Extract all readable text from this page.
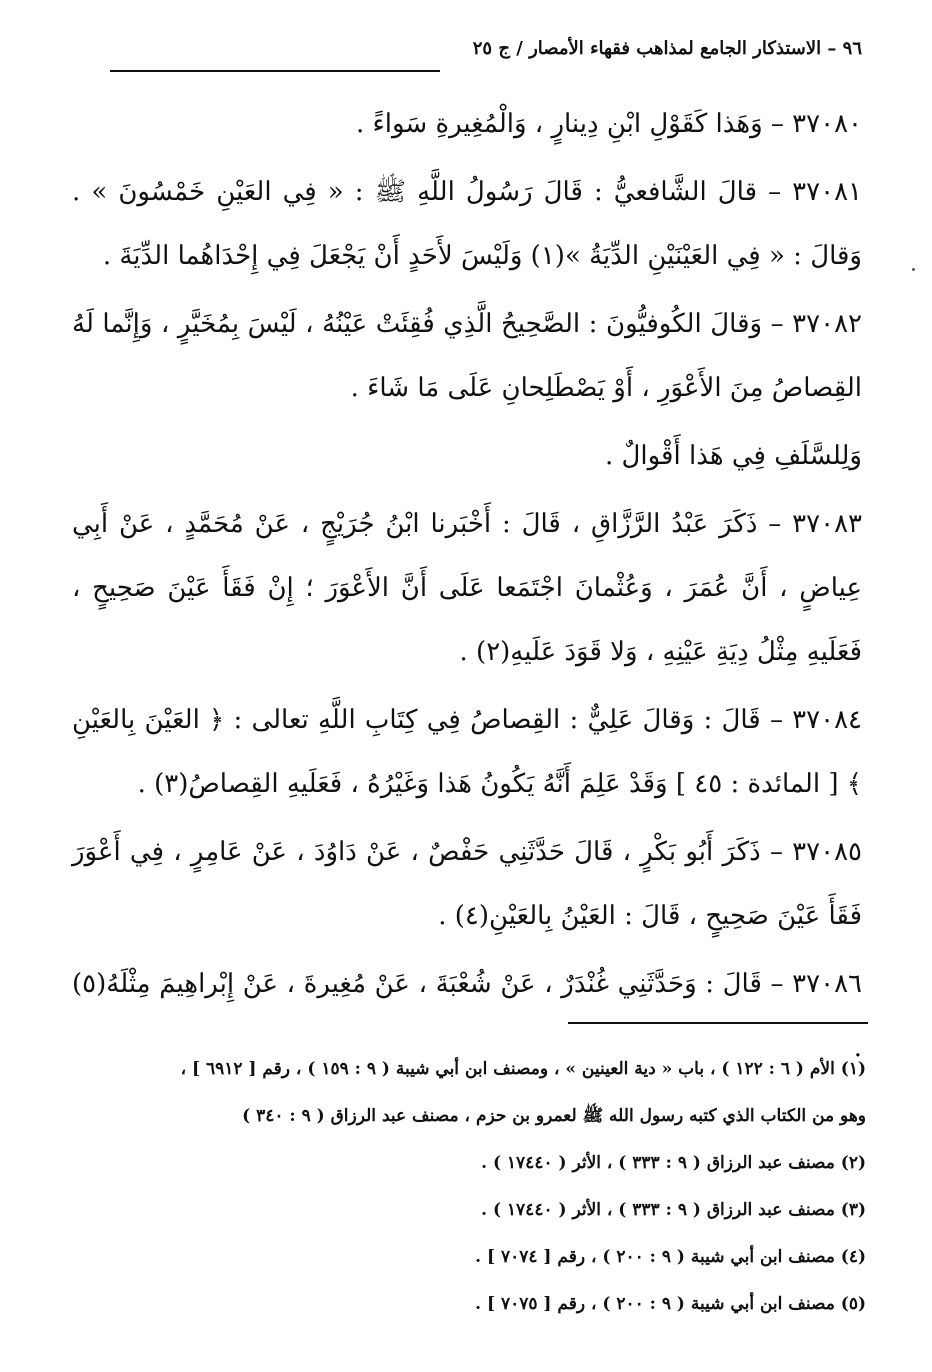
٩٦ – الاستذكار الجامع لمذاهب فقهاء الأمصار / ج ٢٥

٣٧٠٨٠ – وَهَذا كَقَوْلِ ابْنِ دِينارٍ ، وَالْمُغِيرةِ سَواءً .

٣٧٠٨١ – قالَ الشَّافعيُّ : قَالَ رَسُولُ اللَّهِ ﷺ : « فِي العَيْنِ خَمْسُونَ » . وَقالَ : « فِي العَيْنَيْنِ الدِّيَةُ »(١) وَلَيْسَ لأَحَدٍ أَنْ يَجْعَلَ فِي إِحْدَاهُما الدِّيَةَ .

٣٧٠٨٢ – وَقالَ الكُوفيُّونَ : الصَّحِيحُ الَّذِي فُقِئَتْ عَيْنُهُ ، لَيْسَ بِمُخَيَّرٍ ، وَإِنَّما لَهُ القِصاصُ مِنَ الأَعْوَرِ ، أَوْ يَصْطَلِحانِ عَلَى مَا شَاءَ .

وَلِلسَّلَفِ فِي هَذا أَقْوالٌ .

٣٧٠٨٣ – ذَكَرَ عَبْدُ الرَّزَّاقِ ، قَالَ : أَخْبَرنا ابْنُ جُرَيْجٍ ، عَنْ مُحَمَّدٍ ، عَنْ أَبِي عِياضٍ ، أَنَّ عُمَرَ ، وَعُثْمانَ اجْتَمَعا عَلَى أَنَّ الأَعْوَرَ ؛ إِنْ فَقَأَ عَيْنَ صَحِيحٍ ، فَعَلَيهِ مِثْلُ دِيَةِ عَيْنِهِ ، وَلا قَوَدَ عَلَيهِ(٢) .

٣٧٠٨٤ – قَالَ : وَقالَ عَلِيٌّ : القِصاصُ فِي كِتَابِ اللَّهِ تعالى : ﴿ العَيْنَ بِالعَيْنِ ﴾ [ المائدة : ٤٥ ] وَقَدْ عَلِمَ أَنَّهُ يَكُونُ هَذا وَغَيْرُهُ ، فَعَلَيهِ القِصاصُ(٣) .

٣٧٠٨٥ – ذَكَرَ أَبُو بَكْرٍ ، قَالَ حَدَّثَنِي حَفْصٌ ، عَنْ دَاوُدَ ، عَنْ عَامِرٍ ، فِي أَعْوَرَ فَقَأَ عَيْنَ صَحِيحٍ ، قَالَ : العَيْنُ بِالعَيْنِ(٤) .

٣٧٠٨٦ – قَالَ : وَحَدَّثَنِي غُنْدَرٌ ، عَنْ شُعْبَةَ ، عَنْ مُغِيرةَ ، عَنْ إِبْراهِيمَ مِثْلَهُ(٥) .

(١) الأم ( ٦ : ١٢٢ ) ، باب « دية العينين » ، ومصنف ابن أبي شيبة ( ٩ : ١٥٩ ) ، رقم [ ٦٩١٢ ] ،

وهو من الكتاب الذي كتبه رسول الله ﷺ لعمرو بن حزم ، مصنف عبد الرزاق ( ٩ : ٣٤٠ )

(٢) مصنف عبد الرزاق ( ٩ : ٣٣٣ ) ، الأثر ( ١٧٤٤٠ ) .

(٣) مصنف عبد الرزاق ( ٩ : ٣٣٣ ) ، الأثر ( ١٧٤٤٠ ) .

(٤) مصنف ابن أبي شيبة ( ٩ : ٢٠٠ ) ، رقم [ ٧٠٧٤ ] .

(٥) مصنف ابن أبي شيبة ( ٩ : ٢٠٠ ) ، رقم [ ٧٠٧٥ ] .
